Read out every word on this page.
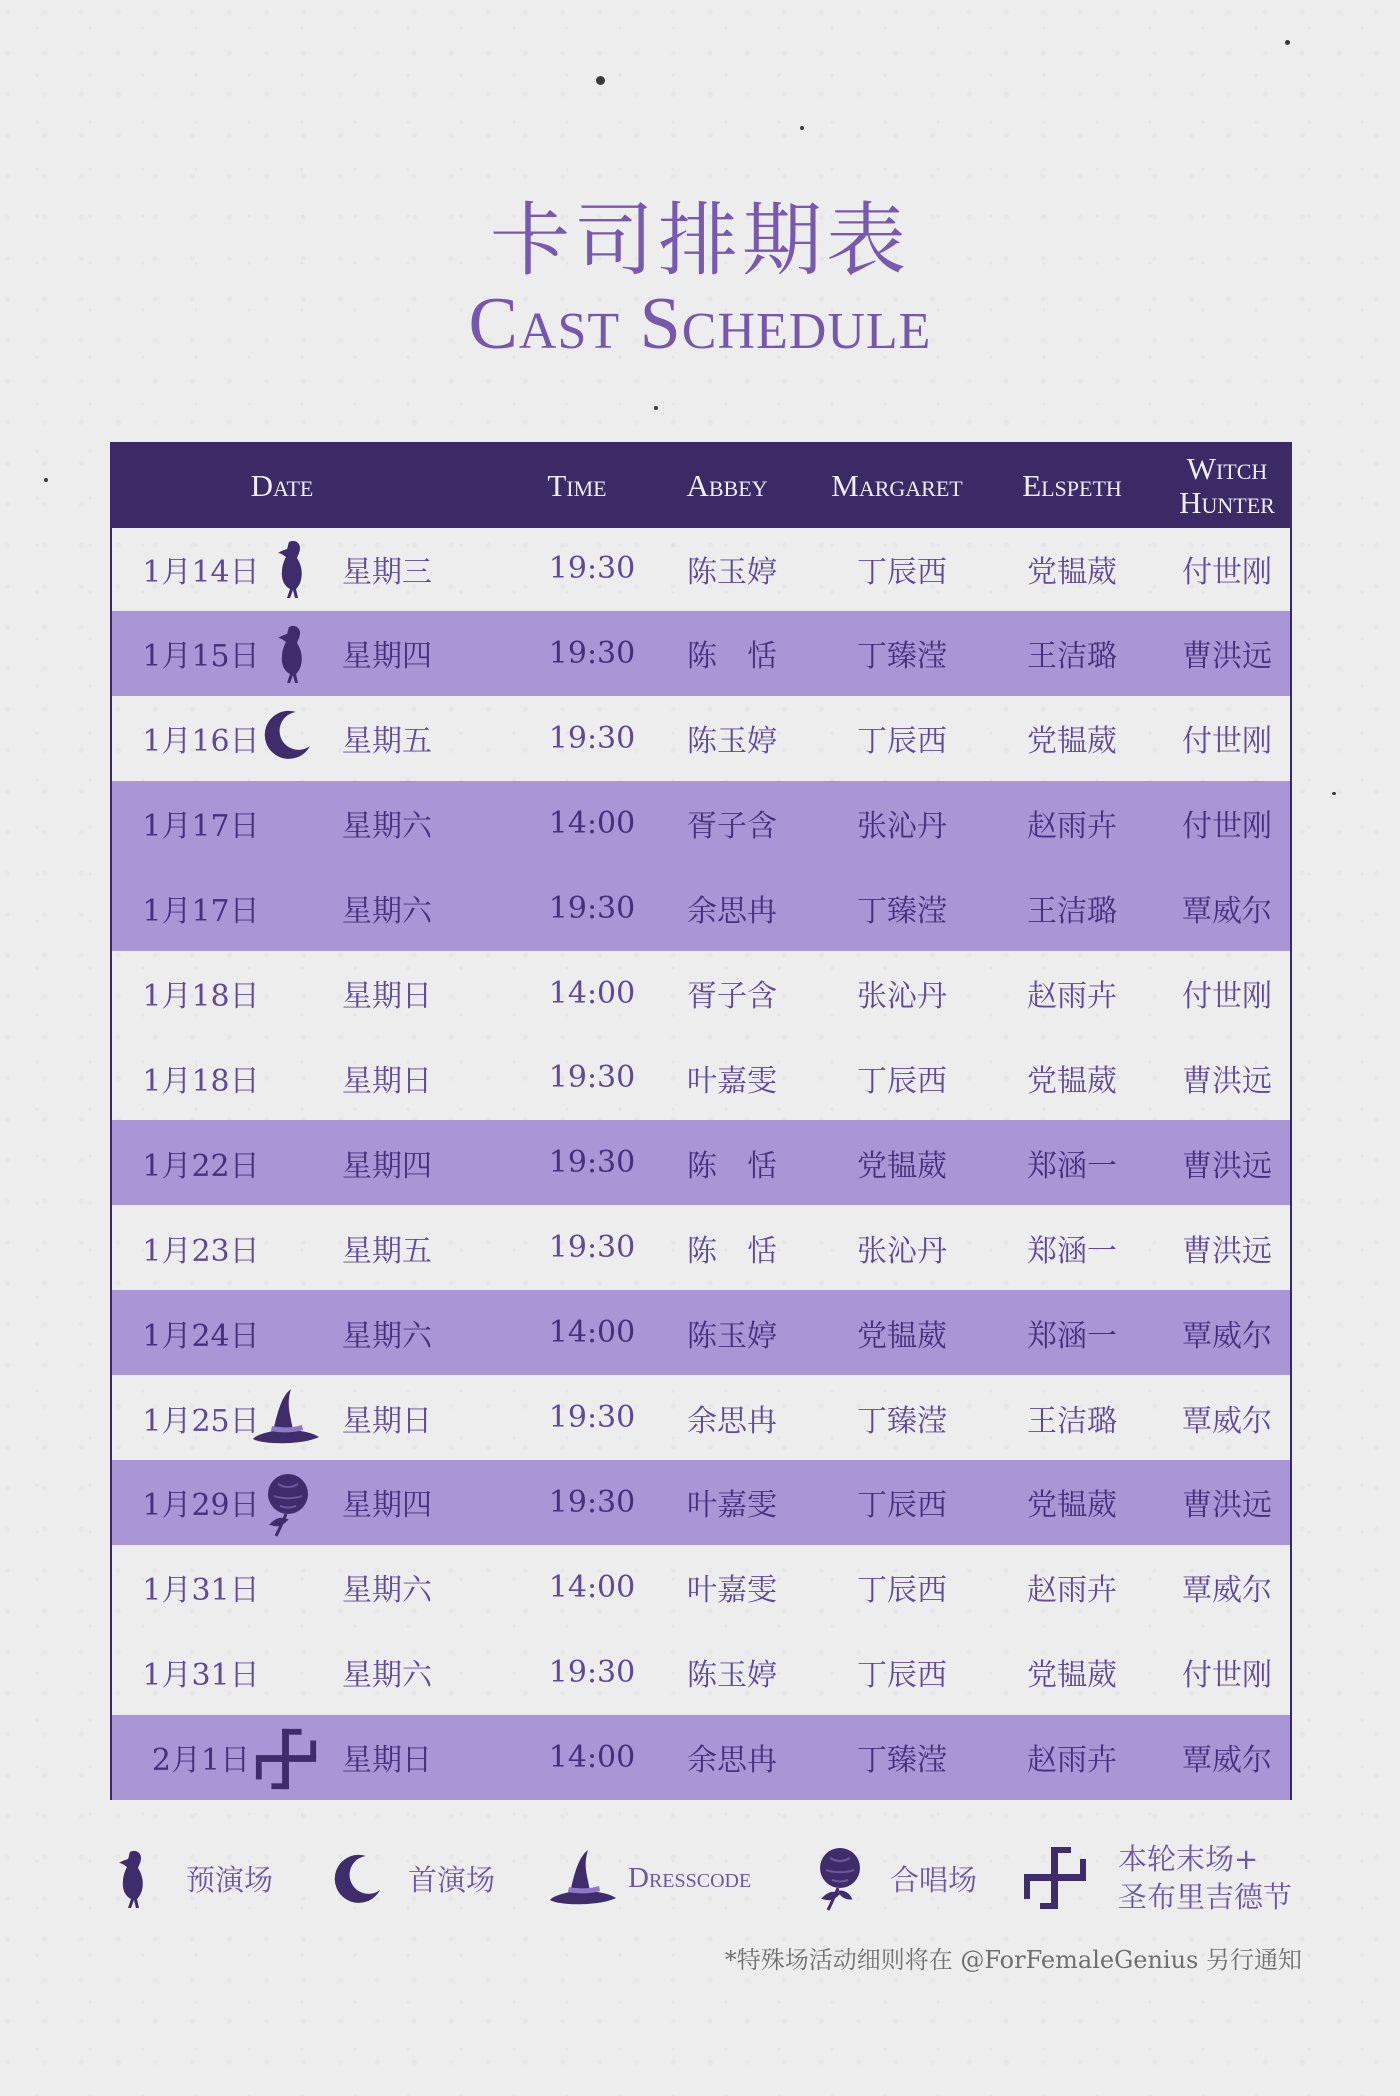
卡司排期表
Cast Schedule
Date	Time	Abbey	Margaret	Elspeth	Witch Hunter
1月14日	星期三	19:30	陈玉婷	丁辰西	党韫葳	付世刚
1月15日	星期四	19:30	陈　恬	丁臻滢	王洁璐	曹洪远
1月16日	星期五	19:30	陈玉婷	丁辰西	党韫葳	付世刚
1月17日	星期六	14:00	胥子含	张沁丹	赵雨卉	付世刚
1月17日	星期六	19:30	余思冉	丁臻滢	王洁璐	覃威尔
1月18日	星期日	14:00	胥子含	张沁丹	赵雨卉	付世刚
1月18日	星期日	19:30	叶嘉雯	丁辰西	党韫葳	曹洪远
1月22日	星期四	19:30	陈　恬	党韫葳	郑涵一	曹洪远
1月23日	星期五	19:30	陈　恬	张沁丹	郑涵一	曹洪远
1月24日	星期六	14:00	陈玉婷	党韫葳	郑涵一	覃威尔
1月25日	星期日	19:30	余思冉	丁臻滢	王洁璐	覃威尔
1月29日	星期四	19:30	叶嘉雯	丁辰西	党韫葳	曹洪远
1月31日	星期六	14:00	叶嘉雯	丁辰西	赵雨卉	覃威尔
1月31日	星期六	19:30	陈玉婷	丁辰西	党韫葳	付世刚
2月1日	星期日	14:00	余思冉	丁臻滢	赵雨卉	覃威尔
预演场	首演场	Dresscode	合唱场
本轮末场+
圣布里吉德节
*特殊场活动细则将在 @ForFemaleGenius 另行通知
